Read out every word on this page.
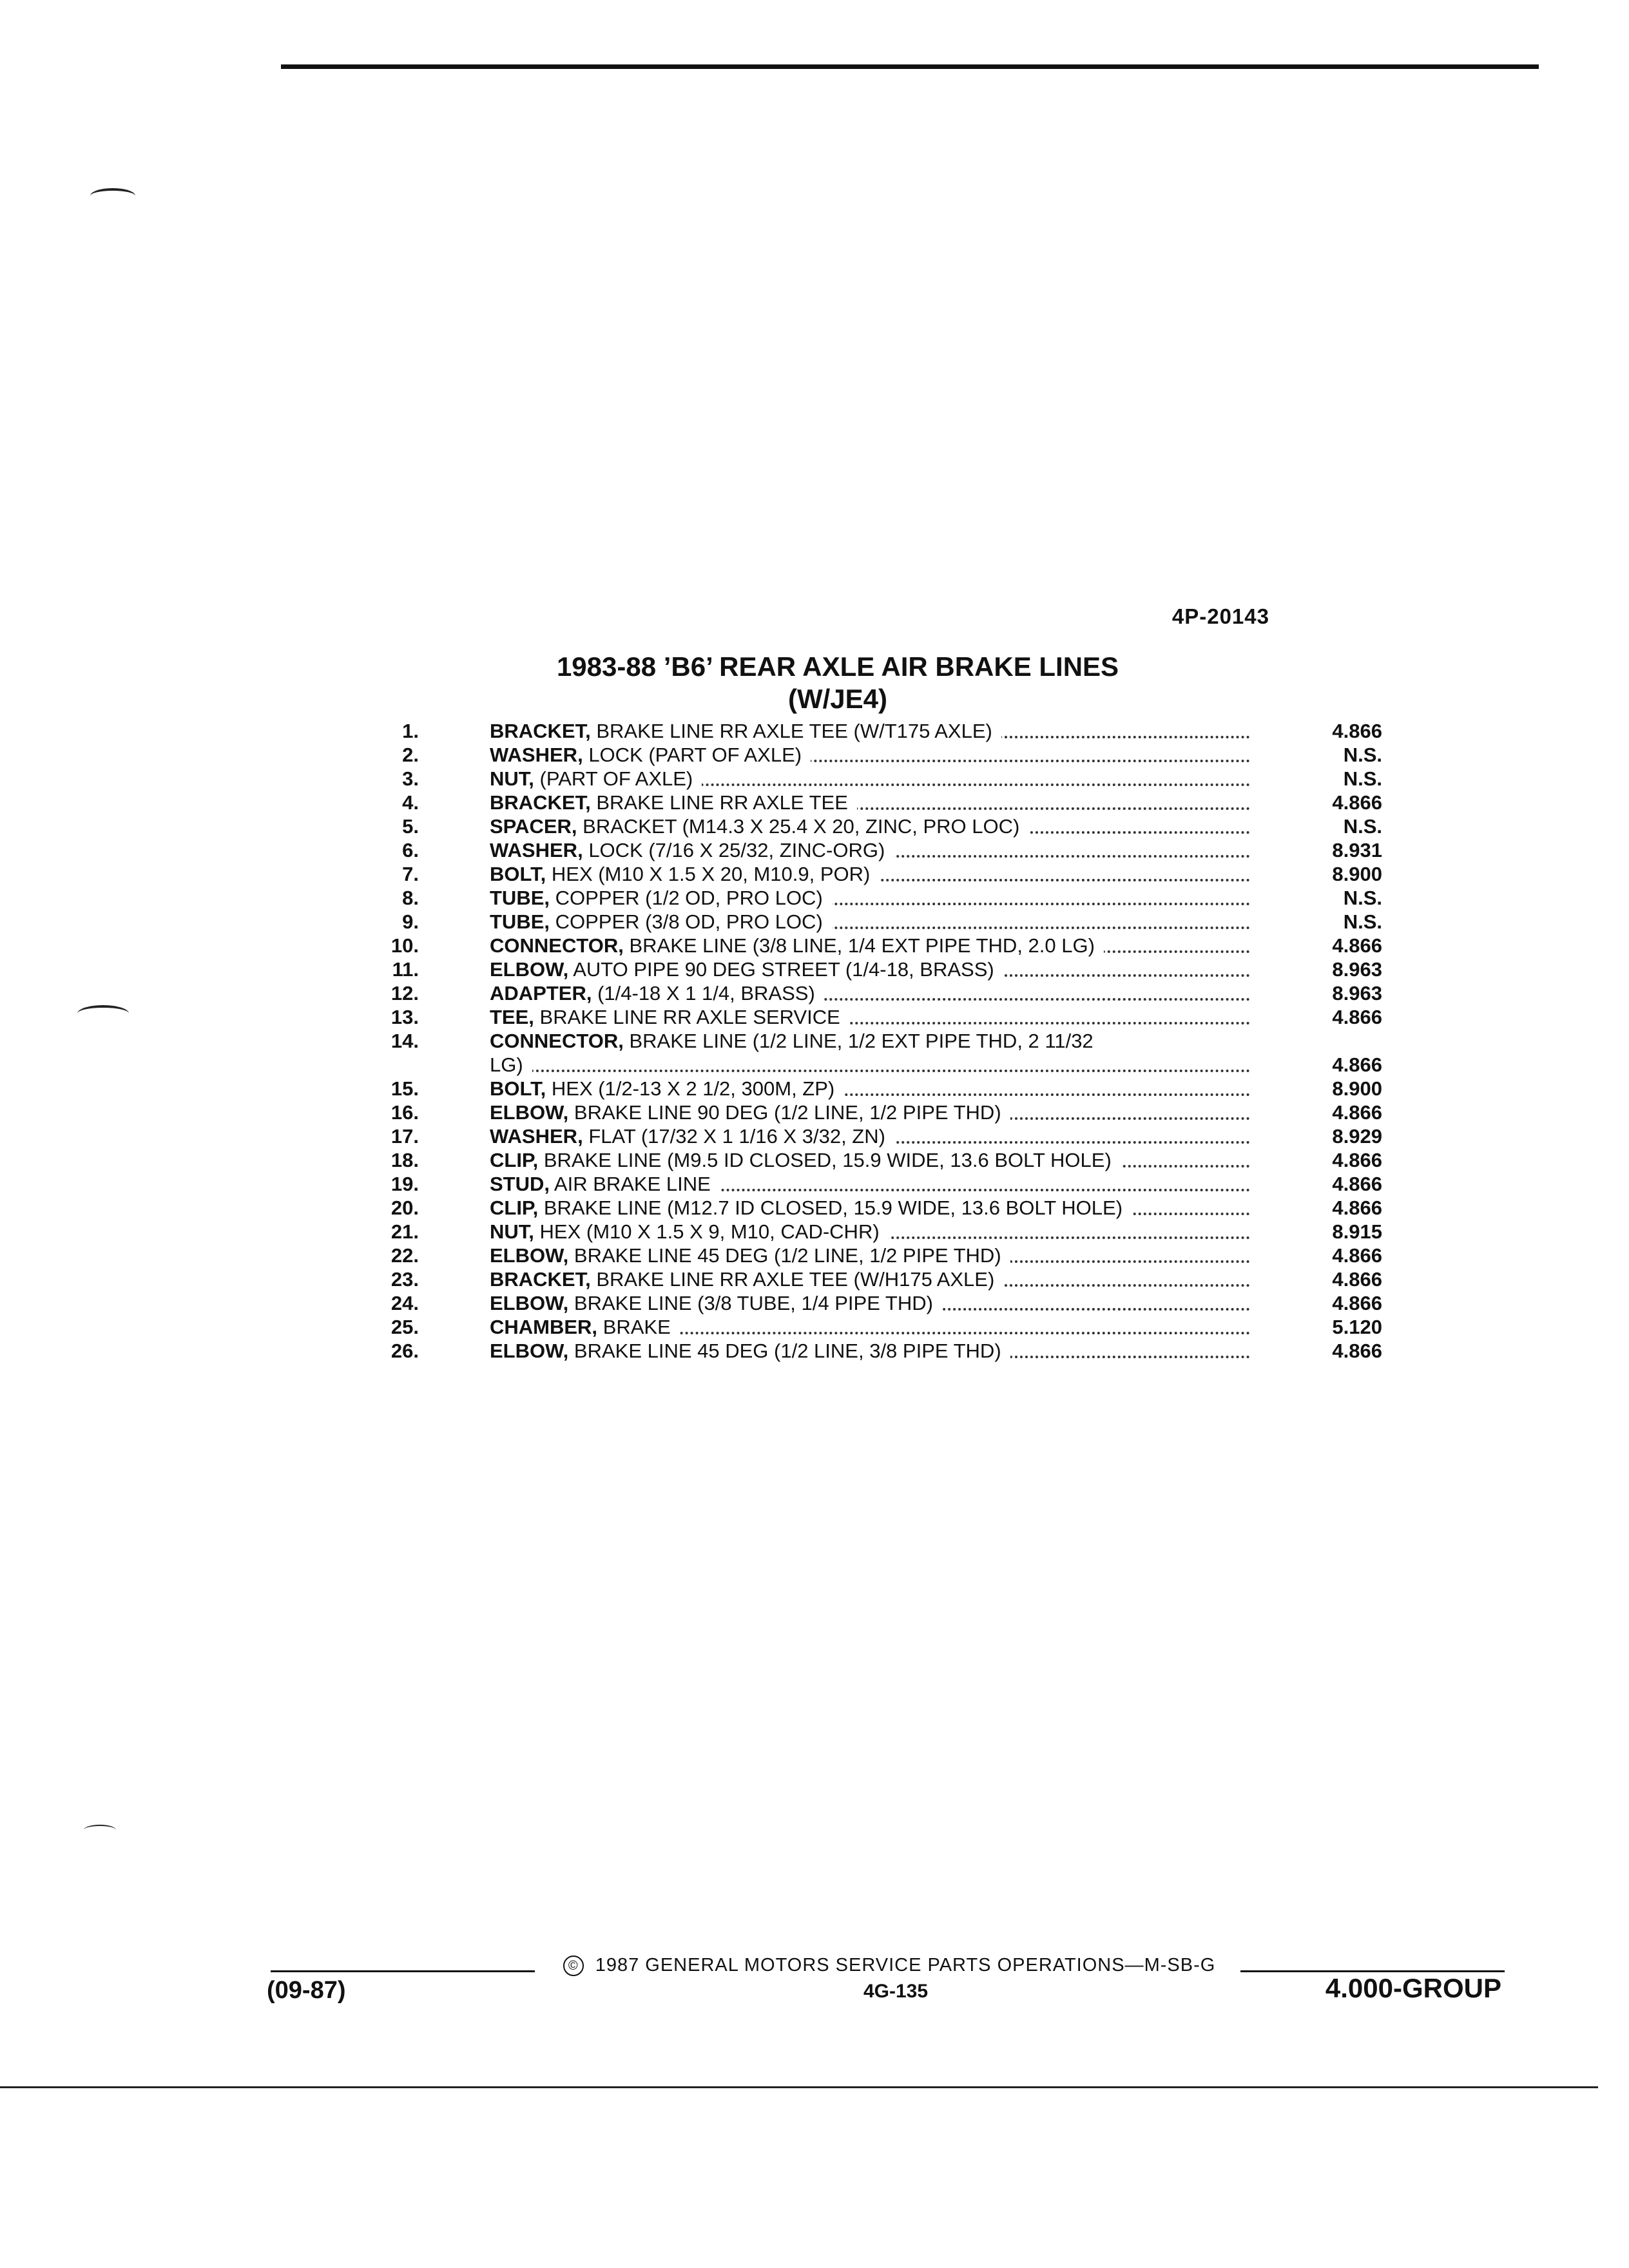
4P-20143
1983-88 ’B6’ REAR AXLE AIR BRAKE LINES
(W/JE4)
1.	BRACKET, BRAKE LINE RR AXLE TEE (W/T175 AXLE)	4.866
2.	WASHER, LOCK (PART OF AXLE)	N.S.
3.	NUT, (PART OF AXLE)	N.S.
4.	BRACKET, BRAKE LINE RR AXLE TEE	4.866
5.	SPACER, BRACKET (M14.3 X 25.4 X 20, ZINC, PRO LOC)	N.S.
6.	WASHER, LOCK (7/16 X 25/32, ZINC-ORG)	8.931
7.	BOLT, HEX (M10 X 1.5 X 20, M10.9, POR)	8.900
8.	TUBE, COPPER (1/2 OD, PRO LOC)	N.S.
9.	TUBE, COPPER (3/8 OD, PRO LOC)	N.S.
10.	CONNECTOR, BRAKE LINE (3/8 LINE, 1/4 EXT PIPE THD, 2.0 LG)	4.866
11.	ELBOW, AUTO PIPE 90 DEG STREET (1/4-18, BRASS)	8.963
12.	ADAPTER, (1/4-18 X 1 1/4, BRASS)	8.963
13.	TEE, BRAKE LINE RR AXLE SERVICE	4.866
14.	CONNECTOR, BRAKE LINE (1/2 LINE, 1/2 EXT PIPE THD, 2 11/32
LG)	4.866
15.	BOLT, HEX (1/2-13 X 2 1/2, 300M, ZP)	8.900
16.	ELBOW, BRAKE LINE 90 DEG (1/2 LINE, 1/2 PIPE THD)	4.866
17.	WASHER, FLAT (17/32 X 1 1/16 X 3/32, ZN)	8.929
18.	CLIP, BRAKE LINE (M9.5 ID CLOSED, 15.9 WIDE, 13.6 BOLT HOLE)	4.866
19.	STUD, AIR BRAKE LINE	4.866
20.	CLIP, BRAKE LINE (M12.7 ID CLOSED, 15.9 WIDE, 13.6 BOLT HOLE)	4.866
21.	NUT, HEX (M10 X 1.5 X 9, M10, CAD-CHR)	8.915
22.	ELBOW, BRAKE LINE 45 DEG (1/2 LINE, 1/2 PIPE THD)	4.866
23.	BRACKET, BRAKE LINE RR AXLE TEE (W/H175 AXLE)	4.866
24.	ELBOW, BRAKE LINE (3/8 TUBE, 1/4 PIPE THD)	4.866
25.	CHAMBER, BRAKE	5.120
26.	ELBOW, BRAKE LINE 45 DEG (1/2 LINE, 3/8 PIPE THD)	4.866
© 1987 GENERAL MOTORS SERVICE PARTS OPERATIONS—M-SB-G
(09-87)	4G-135	4.000-GROUP
